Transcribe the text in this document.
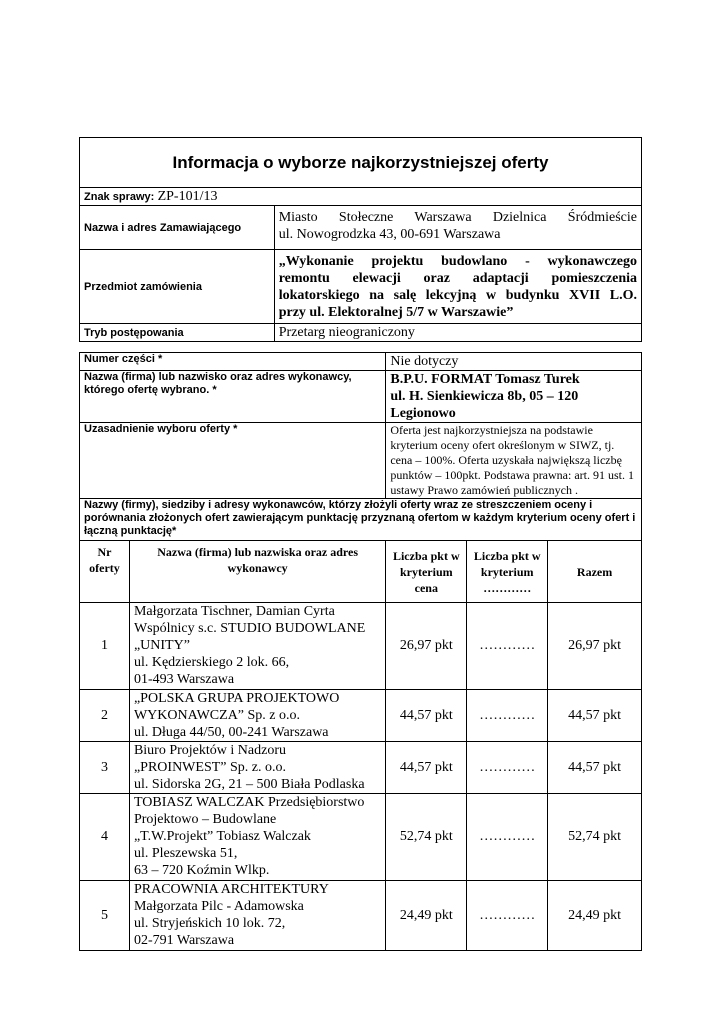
Informacja o wyborze najkorzystniejszej oferty	
Znak sprawy: ZP-101/13	
Nazwa i adres Zamawiającego	Miasto Stołeczne Warszawa Dzielnica Śródmieście
ul. Nowogrodzka 43, 00-691 Warszawa

Przedmiot zamówienia	„Wykonanie projektu budowlano - wykonawczego
remontu elewacji oraz adaptacji pomieszczenia
lokatorskiego na salę lekcyjną w budynku XVII L.O.
przy ul. Elektoralnej 5/7 w Warszawie”

Tryb postępowania	Przetarg nieograniczony
Numer części *		Nie dotyczy		
Nazwa (firma) lub nazwisko oraz adres wykonawcy, którego ofertę wybrano. *		B.P.U. FORMAT Tomasz Turek
ul. H. Sienkiewicza 8b, 05 – 120 Legionowo		

Uzasadnienie wyboru oferty *		Oferta jest najkorzystniejsza na podstawie kryterium oceny ofert określonym w SIWZ, tj. cena – 100%. Oferta uzyskała największą liczbę punktów – 100pkt. Podstawa prawna: art. 91 ust. 1 ustawy Prawo zamówień publicznych .		
Nazwy (firmy), siedziby i adresy wykonawców, którzy złożyli oferty wraz ze streszczeniem oceny i porównania złożonych ofert zawierającym punktację przyznaną ofertom w każdym kryterium oceny ofert i łączną punktację*				
Nr oferty	Nazwa (firma) lub nazwiska oraz adres wykonawcy	Liczba pkt w kryterium cena	Liczba pkt w kryterium …………	Razem
1	Małgorzata Tischner, Damian Cyrta
Wspólnicy s.c. STUDIO BUDOWLANE
„UNITY”
ul. Kędzierskiego 2 lok. 66,
01-493 Warszawa	26,97 pkt	…………	26,97 pkt
2	„POLSKA GRUPA PROJEKTOWO
WYKONAWCZA” Sp. z o.o.
ul. Długa 44/50, 00-241 Warszawa	44,57 pkt	…………	44,57 pkt
3	Biuro Projektów i Nadzoru
„PROINWEST” Sp. z. o.o.
ul. Sidorska 2G, 21 – 500 Biała Podlaska	44,57 pkt	…………	44,57 pkt
4	TOBIASZ WALCZAK Przedsiębiorstwo
Projektowo – Budowlane
„T.W.Projekt” Tobiasz Walczak
ul. Pleszewska 51,
63 – 720 Koźmin Wlkp.	52,74 pkt	…………	52,74 pkt
5	PRACOWNIA ARCHITEKTURY
Małgorzata Pilc - Adamowska
ul. Stryjeńskich 10 lok. 72,
02-791 Warszawa	24,49 pkt	…………	24,49 pkt
